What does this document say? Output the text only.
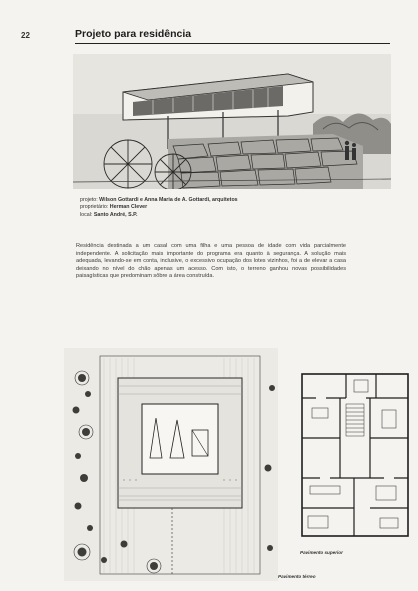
22	Projeto para residência
projeto: Wilson Gottardi e Anna Maria de A. Gottardi, arquitetos
proprietário: Herman Clever
local: Santo André, S.P.
Residência destinada a um casal com uma filha e uma pessoa de idade com vida parcialmente independente. A solicitação mais importante do programa era quanto à segurança. A solução mais adequada, levando-se em conta, inclusive, o excessivo ocupação dos lotes vizinhos, foi a de elevar a casa deixando no nível do chão apenas um acesso. Com isto, o terreno ganhou novas possibilidades paisagísticas que predominam sôbre a área construída.
Pavimento superior
Pavimento térreo
